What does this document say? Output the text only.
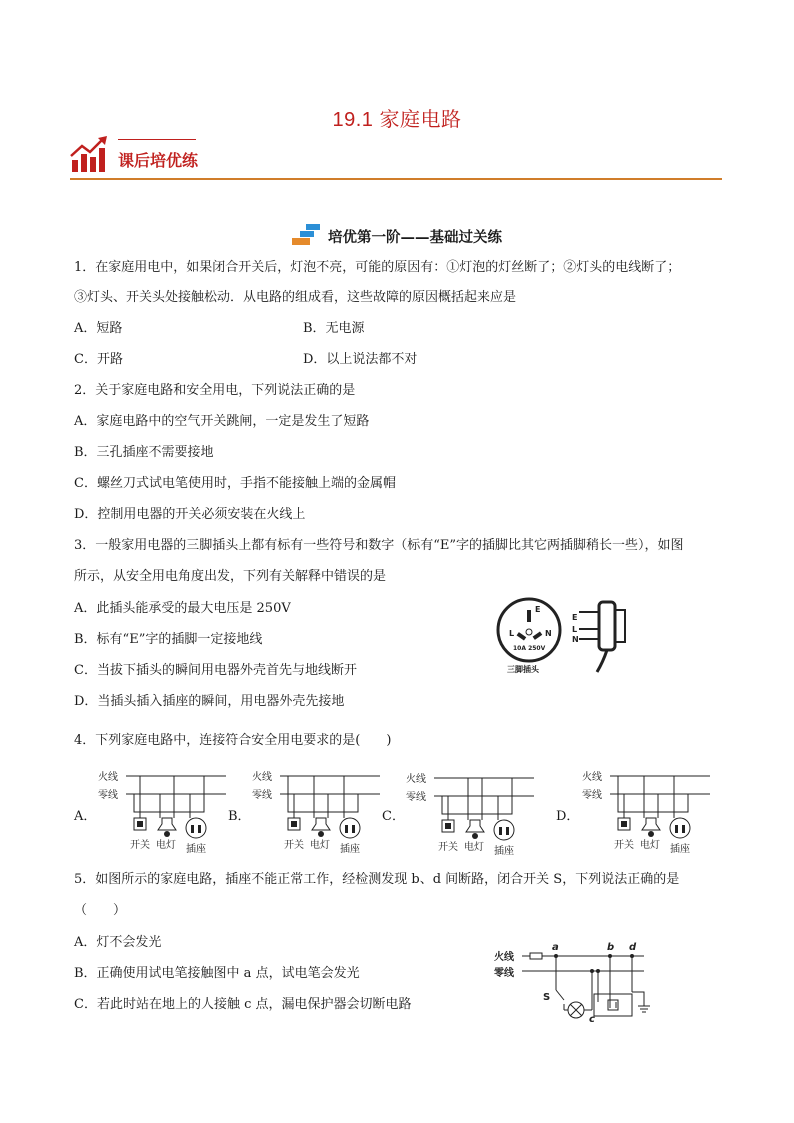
19.1 家庭电路
课后培优练
培优第一阶——基础过关练
1．在家庭用电中，如果闭合开关后，灯泡不亮，可能的原因有：①灯泡的灯丝断了；②灯头的电线断了；
③灯头、开关头处接触松动．从电路的组成看，这些故障的原因概括起来应是
A．短路	B．无电源
C．开路	D．以上说法都不对
2．关于家庭电路和安全用电，下列说法正确的是
A．家庭电路中的空气开关跳闸，一定是发生了短路
B．三孔插座不需要接地
C．螺丝刀式试电笔使用时，手指不能接触上端的金属帽
D．控制用电器的开关必须安装在火线上
3．一般家用电器的三脚插头上都有标有一些符号和数字（标有“E”字的插脚比其它两插脚稍长一些），如图
所示，从安全用电角度出发，下列有关解释中错误的是
A．此插头能承受的最大电压是 250V
B．标有“E”字的插脚一定接地线
C．当拔下插头的瞬间用电器外壳首先与地线断开
D．当插头插入插座的瞬间，用电器外壳先接地
E
L	N
10A 250V
三脚插头
E
L
N
4．下列家庭电路中，连接符合安全用电要求的是(　　)
A．	B．	C．	D．
火线
零线
开关 电灯 插座
火线
零线
开关 电灯 插座
火线
零线
开关 电灯 插座
火线
零线
开关 电灯 插座
5．如图所示的家庭电路，插座不能正常工作，经检测发现 b、d 间断路，闭合开关 S，下列说法正确的是
（　　）
A．灯不会发光
B．正确使用试电笔接触图中 a 点，试电笔会发光
C．若此时站在地上的人接触 c 点，漏电保护器会切断电路
火线
零线
a	b d
S
c
